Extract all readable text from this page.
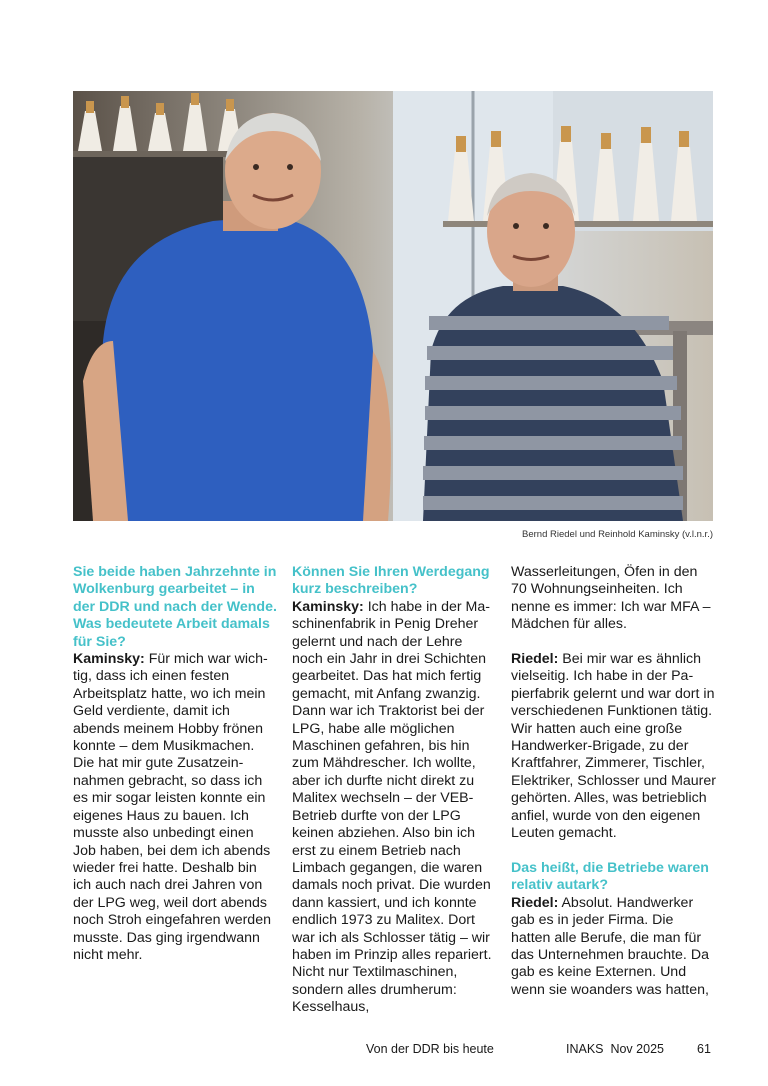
Bernd Riedel und Reinhold Kaminsky (v.l.n.r.)

Sie beide haben Jahrzehnte in Wolkenburg gearbeitet – in der DDR und nach der Wende. Was bedeutete Arbeit damals für Sie?

Kaminsky: Für mich war wichtig, dass ich einen festen Arbeitsplatz hatte, wo ich mein Geld verdiente, damit ich abends meinem Hobby frönen konnte – dem Musikmachen. Die hat mir gute Zusatzeinnahmen gebracht, so dass ich es mir sogar leisten konnte ein eigenes Haus zu bauen. Ich musste also unbedingt einen Job haben, bei dem ich abends wieder frei hatte. Deshalb bin ich auch nach drei Jahren von der LPG weg, weil dort abends noch Stroh eingefahren werden musste. Das ging irgendwann nicht mehr.

Können Sie Ihren Werdegang kurz beschreiben?

Kaminsky: Ich habe in der Maschinenfabrik in Penig Dreher gelernt und nach der Lehre noch ein Jahr in drei Schichten gearbeitet. Das hat mich fertig gemacht, mit Anfang zwanzig. Dann war ich Traktorist bei der LPG, habe alle möglichen Maschinen gefahren, bis hin zum Mähdrescher. Ich wollte, aber ich durfte nicht direkt zu Malitex wechseln – der VEB-Betrieb durfte von der LPG keinen abziehen. Also bin ich erst zu einem Betrieb nach Limbach gegangen, die waren damals noch privat. Die wurden dann kassiert, und ich konnte endlich 1973 zu Malitex. Dort war ich als Schlosser tätig – wir haben im Prinzip alles repariert. Nicht nur Textilmaschinen, sondern alles drumherum: Kesselhaus,

Wasserleitungen, Öfen in den 70 Wohnungseinheiten. Ich nenne es immer: Ich war MFA – Mädchen für alles.

Riedel: Bei mir war es ähnlich vielseitig. Ich habe in der Papierfabrik gelernt und war dort in verschiedenen Funktionen tätig. Wir hatten auch eine große Handwerker-Brigade, zu der Kraftfahrer, Zimmerer, Tischler, Elektriker, Schlosser und Maurer gehörten. Alles, was betrieblich anfiel, wurde von den eigenen Leuten gemacht.

Das heißt, die Betriebe waren relativ autark?

Riedel: Absolut. Handwerker gab es in jeder Firma. Die hatten alle Berufe, die man für das Unternehmen brauchte. Da gab es keine Externen. Und wenn sie woanders was hatten,

Von der DDR bis heute	INAKS  Nov 2025	61
